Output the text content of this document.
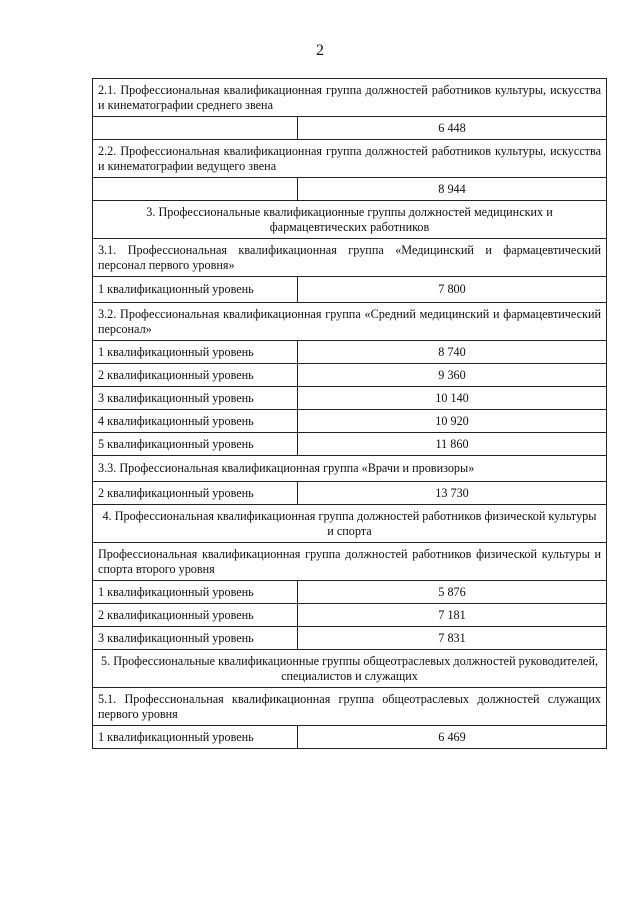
2
2.1. Профессиональная квалификационная группа должностей работников культуры, искусства и кинематографии среднего звена	
	6 448
2.2. Профессиональная квалификационная группа должностей работников культуры, искусства и кинематографии ведущего звена	
	8 944
3. Профессиональные квалификационные группы должностей медицинских и фармацевтических работников	
3.1. Профессиональная квалификационная группа «Медицинский и фармацевтический персонал первого уровня»	
1 квалификационный уровень	7 800
3.2. Профессиональная квалификационная группа «Средний медицинский и фармацевтический персонал»	
1 квалификационный уровень	8 740
2 квалификационный уровень	9 360
3 квалификационный уровень	10 140
4 квалификационный уровень	10 920
5 квалификационный уровень	11 860
3.3. Профессиональная квалификационная группа «Врачи и провизоры»	
2 квалификационный уровень	13 730
4. Профессиональная квалификационная группа должностей работников физической культуры и спорта	
Профессиональная квалификационная группа должностей работников физической культуры и спорта второго уровня	
1 квалификационный уровень	5 876
2 квалификационный уровень	7 181
3 квалификационный уровень	7 831
5. Профессиональные квалификационные группы общеотраслевых должностей руководителей, специалистов и служащих	
5.1. Профессиональная квалификационная группа общеотраслевых должностей служащих первого уровня	
1 квалификационный уровень	6 469
